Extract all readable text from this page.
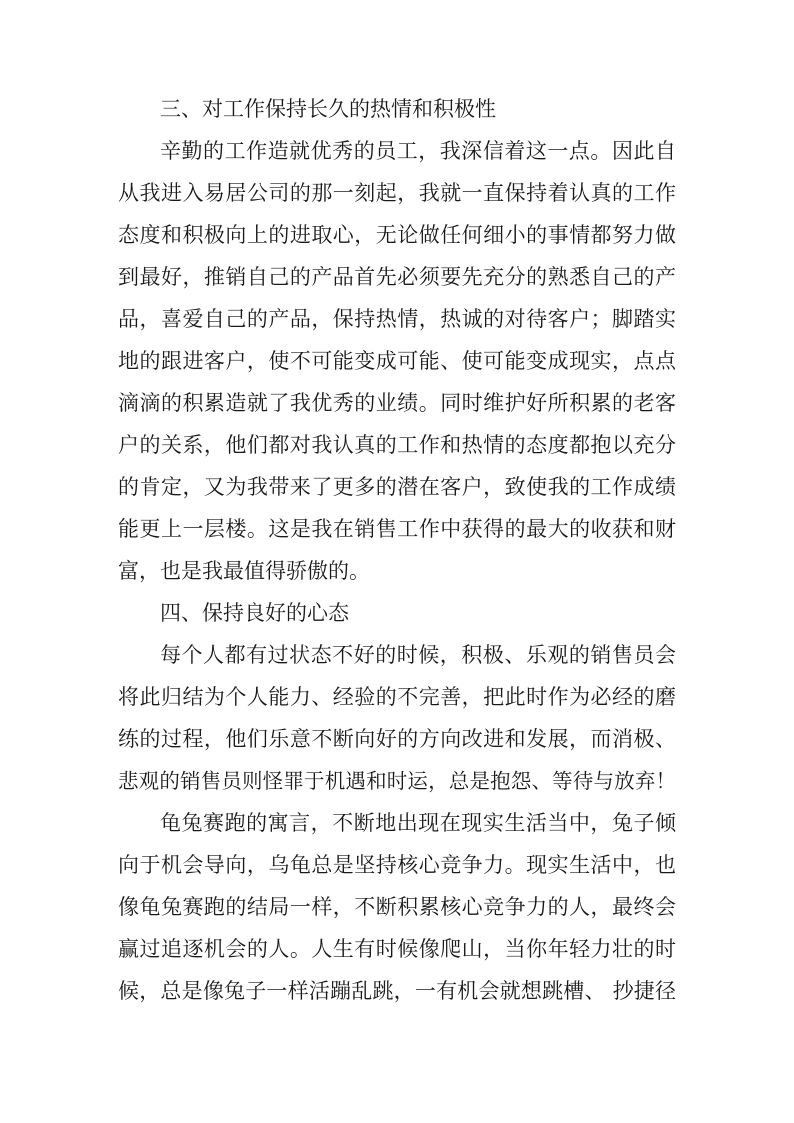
三、对工作保持长久的热情和积极性
辛勤的工作造就优秀的员工，我深信着这一点。因此自
从我进入易居公司的那一刻起，我就一直保持着认真的工作
态度和积极向上的进取心，无论做任何细小的事情都努力做
到最好，推销自己的产品首先必须要先充分的熟悉自己的产
品，喜爱自己的产品，保持热情，热诚的对待客户；脚踏实
地的跟进客户，使不可能变成可能、使可能变成现实，点点
滴滴的积累造就了我优秀的业绩。同时维护好所积累的老客
户的关系，他们都对我认真的工作和热情的态度都抱以充分
的肯定，又为我带来了更多的潜在客户，致使我的工作成绩
能更上一层楼。这是我在销售工作中获得的最大的收获和财
富，也是我最值得骄傲的。
四、保持良好的心态
每个人都有过状态不好的时候，积极、乐观的销售员会
将此归结为个人能力、经验的不完善，把此时作为必经的磨
练的过程，他们乐意不断向好的方向改进和发展，而消极、
悲观的销售员则怪罪于机遇和时运，总是抱怨、等待与放弃！
龟兔赛跑的寓言，不断地出现在现实生活当中，兔子倾
向于机会导向，乌龟总是坚持核心竞争力。现实生活中，也
像龟兔赛跑的结局一样，不断积累核心竞争力的人，最终会
赢过追逐机会的人。人生有时候像爬山，当你年轻力壮的时
候，总是像兔子一样活蹦乱跳，一有机会就想跳槽、 抄捷径
